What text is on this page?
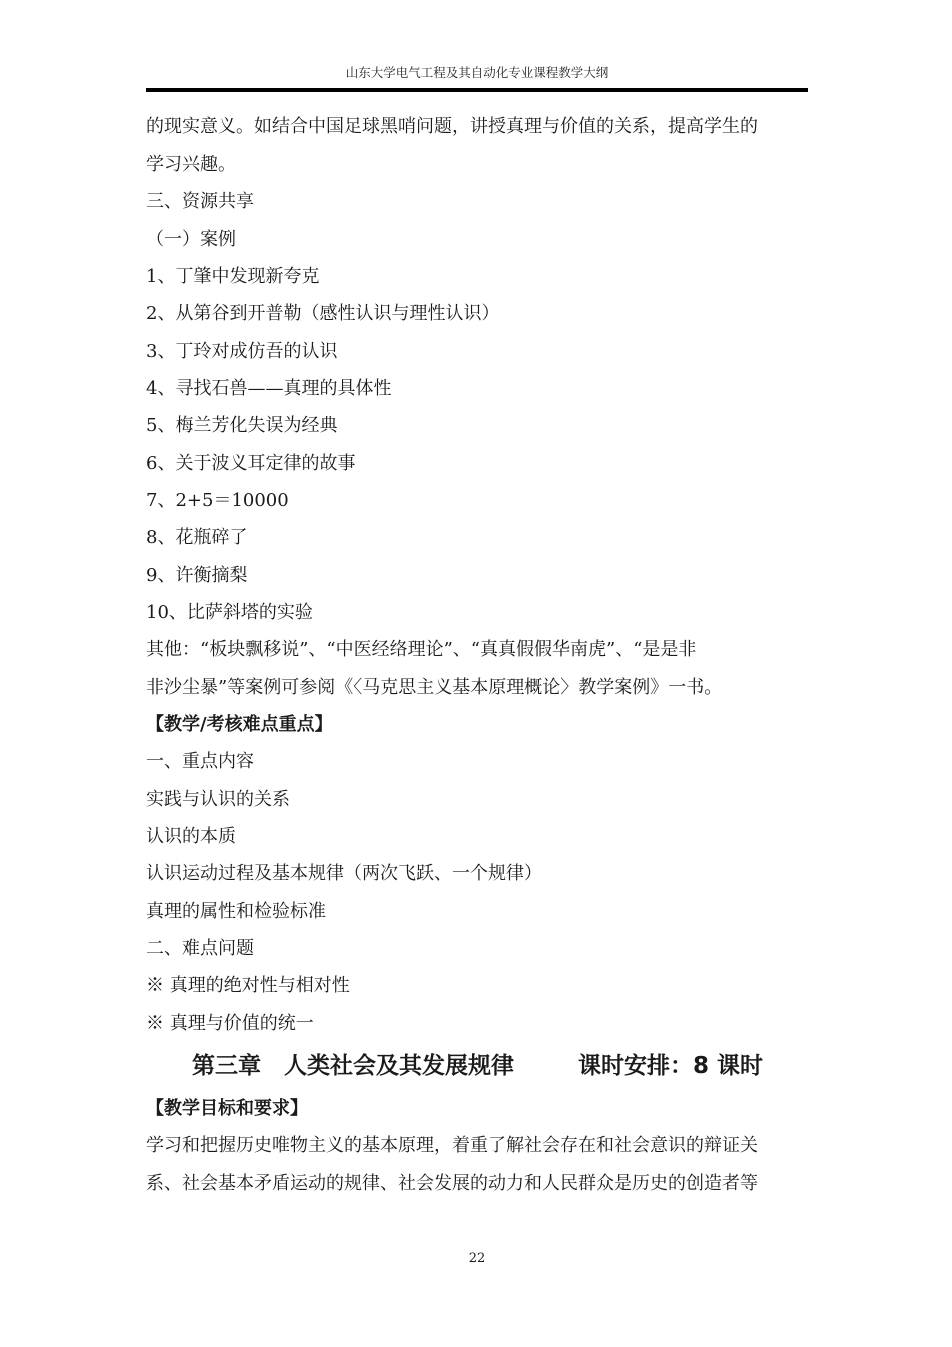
山东大学电气工程及其自动化专业课程教学大纲

的现实意义。如结合中国足球黑哨问题，讲授真理与价值的关系，提高学生的

学习兴趣。

三、资源共享

（一）案例

1、丁肇中发现新夸克

2、从第谷到开普勒（感性认识与理性认识）

3、丁玲对成仿吾的认识

4、寻找石兽——真理的具体性

5、梅兰芳化失误为经典

6、关于波义耳定律的故事

7、2+5＝10000

8、花瓶碎了

9、许衡摘梨

10、比萨斜塔的实验

其他：“板块飘移说”、“中医经络理论”、“真真假假华南虎”、“是是非

非沙尘暴”等案例可参阅《〈马克思主义基本原理概论〉教学案例》一书。

【教学/考核难点重点】

一、重点内容

实践与认识的关系

认识的本质

认识运动过程及基本规律（两次飞跃、一个规律）

真理的属性和检验标准

二、难点问题

※ 真理的绝对性与相对性

※ 真理与价值的统一

第三章　人类社会及其发展规律	课时安排：8 课时

【教学目标和要求】

学习和把握历史唯物主义的基本原理，着重了解社会存在和社会意识的辩证关

系、社会基本矛盾运动的规律、社会发展的动力和人民群众是历史的创造者等

22
